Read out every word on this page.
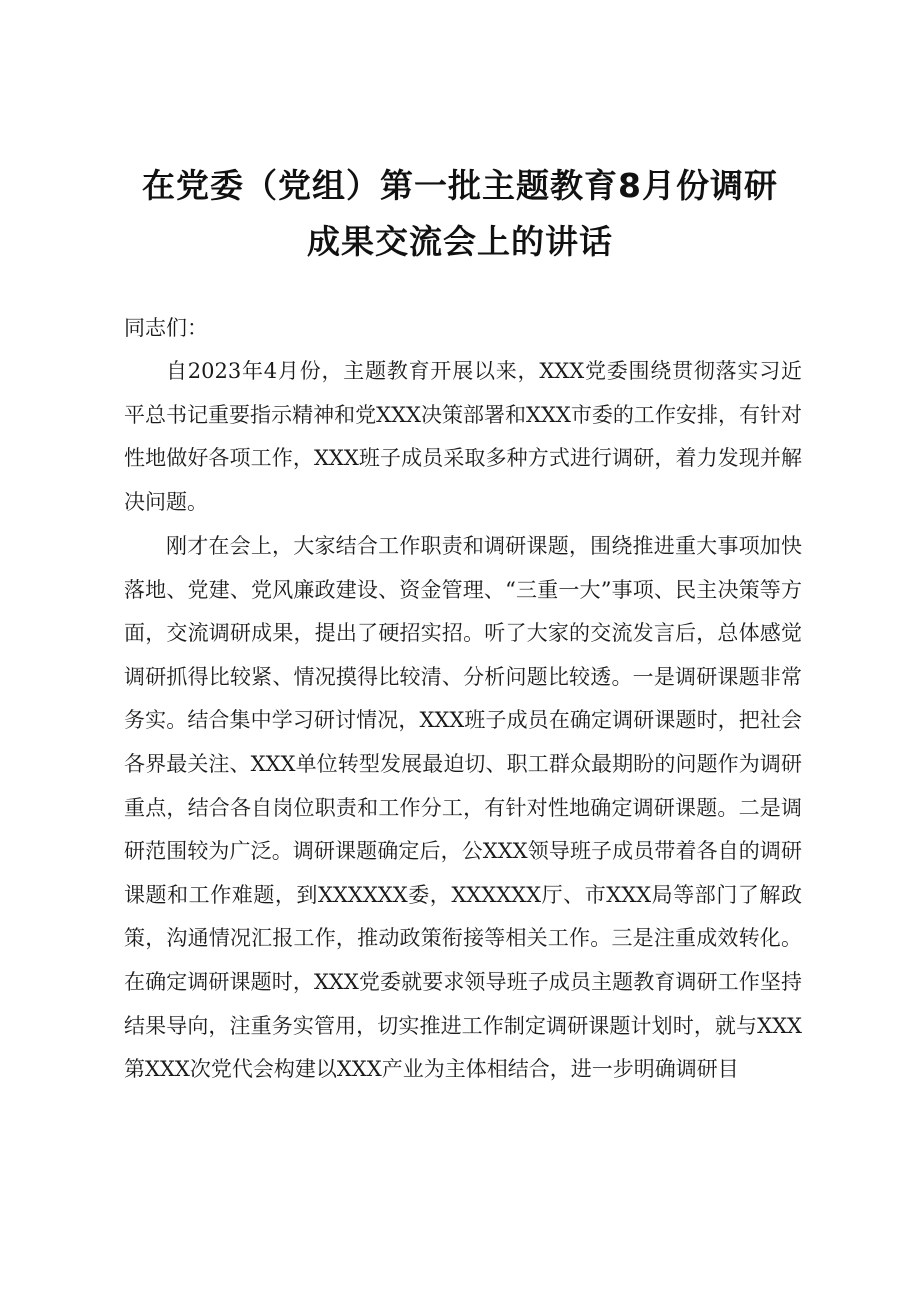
在党委（党组）第一批主题教育8月份调研
成果交流会上的讲话

同志们：

自2023年4月份，主题教育开展以来，XXX党委围绕贯彻落实习近平总书记重要指示精神和党XXX决策部署和XXX市委的工作安排，有针对性地做好各项工作，XXX班子成员采取多种方式进行调研，着力发现并解决问题。

刚才在会上，大家结合工作职责和调研课题，围绕推进重大事项加快落地、党建、党风廉政建设、资金管理、“三重一大”事项、民主决策等方面，交流调研成果，提出了硬招实招。听了大家的交流发言后，总体感觉调研抓得比较紧、情况摸得比较清、分析问题比较透。一是调研课题非常务实。结合集中学习研讨情况，XXX班子成员在确定调研课题时，把社会各界最关注、XXX单位转型发展最迫切、职工群众最期盼的问题作为调研重点，结合各自岗位职责和工作分工，有针对性地确定调研课题。二是调研范围较为广泛。调研课题确定后，公XXX领导班子成员带着各自的调研课题和工作难题，到XXXXXX委，XXXXXX厅、市XXX局等部门了解政策，沟通情况汇报工作，推动政策衔接等相关工作。三是注重成效转化。在确定调研课题时，XXX党委就要求领导班子成员主题教育调研工作坚持结果导向，注重务实管用，切实推进工作制定调研课题计划时，就与XXX第XXX次党代会构建以XXX产业为主体相结合，进一步明确调研目
